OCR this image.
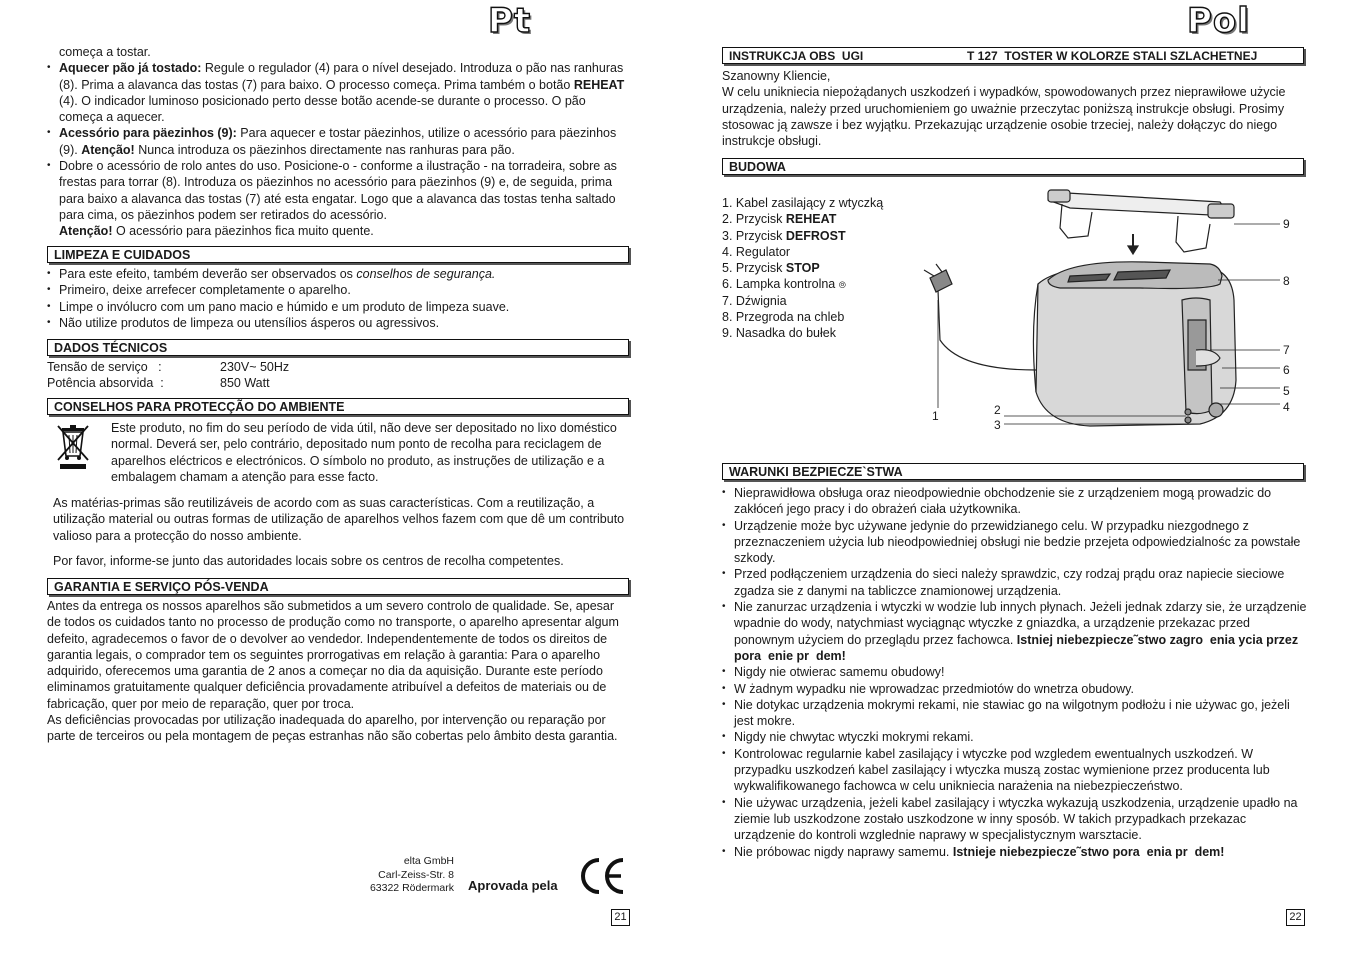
Pt
começa a tostar.
• Aquecer pão já tostado: Regule o regulador (4) para o nível desejado. Introduza o pão nas ranhuras (8). Prima a alavanca das tostas (7) para baixo. O processo começa. Prima também o botão REHEAT (4). O indicador luminoso posicionado perto desse botão acende-se durante o processo. O pão começa a aquecer.
• Acessório para päezinhos (9): Para aquecer e tostar päezinhos, utilize o acessório para päezinhos (9). Atenção! Nunca introduza os päezinhos directamente nas ranhuras para pão.
• Dobre o acessório de rolo antes do uso. Posicione-o - conforme a ilustração - na torradeira, sobre as frestas para torrar (8). Introduza os päezinhos no acessório para päezinhos (9) e, de seguida, prima para baixo a alavanca das tostas (7) até esta engatar. Logo que a alavanca das tostas tenha saltado para cima, os päezinhos podem ser retirados do acessório.
Atenção! O acessório para päezinhos fica muito quente.
LIMPEZA E CUIDADOS
• Para este efeito, também deverão ser observados os conselhos de segurança.
• Primeiro, deixe arrefecer completamente o aparelho.
• Limpe o invólucro com um pano macio e húmido e um produto de limpeza suave.
• Não utilize produtos de limpeza ou utensílios ásperos ou agressivos.
DADOS TÉCNICOS
Tensão de serviço   :	230V~ 50Hz
Potência absorvida  :	850 Watt
CONSELHOS PARA PROTECÇÃO DO AMBIENTE
Este produto, no fim do seu período de vida útil, não deve ser depositado no lixo doméstico normal. Deverá ser, pelo contrário, depositado num ponto de recolha para reciclagem de aparelhos eléctricos e electrónicos. O símbolo no produto, as instruções de utilização e a embalagem chamam a atenção para esse facto.
As matérias-primas são reutilizáveis de acordo com as suas características. Com a reutilização, a utilização material ou outras formas de utilização de aparelhos velhos fazem com que dê um contributo valioso para a protecção do nosso ambiente.
Por favor, informe-se junto das autoridades locais sobre os centros de recolha competentes.
GARANTIA E SERVIÇO PÓS-VENDA
Antes da entrega os nossos aparelhos são submetidos a um severo controlo de qualidade. Se, apesar de todos os cuidados tanto no processo de produção como no transporte, o aparelho apresentar algum defeito, agradecemos o favor de o devolver ao vendedor. Independentemente de todos os direitos de garantia legais, o comprador tem os seguintes prorrogativas em relação à garantia: Para o aparelho adquirido, oferecemos uma garantia de 2 anos a começar no dia da aquisição. Durante este período eliminamos gratuitamente qualquer deficiência provadamente atribuível a defeitos de materiais ou de fabricação, quer por meio de reparação, quer por troca.
As deficiências provocadas por utilização inadequada do aparelho, por intervenção ou reparação por parte de terceiros ou pela montagem de peças estranhas não são cobertas pelo âmbito desta garantia.
elta GmbH
Carl-Zeiss-Str. 8
63322 Rödermark Aprovada pela
21
Pol
INSTRUKCJA OBS  UGI	T 127  TOSTER W KOLORZE STALI SZLACHETNEJ
Szanowny Kliencie,
W celu unikniecia niepożądanych uszkodzeń i wypadków, spowodowanych przez nieprawiłowe użycie urządzenia, należy przed uruchomieniem go uważnie przeczytac poniższą instrukcje obsługi. Prosimy stosowac ją zawsze i bez wyjątku. Przekazując urządzenie osobie trzeciej, należy dołączyc do niego instrukcje obsługi.
BUDOWA
1. Kabel zasilający z wtyczką
2. Przycisk REHEAT
3. Przycisk DEFROST
4. Regulator
5. Przycisk STOP
6. Lampka kontrolna ⦾
7. Dźwignia
8. Przegroda na chleb
9. Nasadka do bułek
9
8
7
6
5
4
1	2
3
WARUNKI BEZPIECZE`STWA
• Nieprawidłowa obsługa oraz nieodpowiednie obchodzenie sie z urządzeniem mogą prowadzic do zakłóceń jego pracy i do obrażeń ciała użytkownika.
• Urządzenie może byc używane jedynie do przewidzianego celu. W przypadku niezgodnego z przeznaczeniem użycia lub nieodpowiedniej obsługi nie bedzie przejeta odpowiedzialnośc za powstałe szkody.
• Przed podłączeniem urządzenia do sieci należy sprawdzic, czy rodzaj prądu oraz napiecie sieciowe zgadza sie z danymi na tabliczce znamionowej urządzenia.
• Nie zanurzac urządzenia i wtyczki w wodzie lub innych płynach. Jeżeli jednak zdarzy sie, że urządzenie wpadnie do wody, natychmiast wyciągnąc wtyczke z gniazdka, a urządzenie przekazac przed ponownym użyciem do przeglądu przez fachowca. Istniej niebezpiecze˜stwo zagro  enia ycia przez pora  enie pr  dem!
• Nigdy nie otwierac samemu obudowy!
• W żadnym wypadku nie wprowadzac przedmiotów do wnetrza obudowy.
• Nie dotykac urządzenia mokrymi rekami, nie stawiac go na wilgotnym podłożu i nie używac go, jeżeli jest mokre.
• Nigdy nie chwytac wtyczki mokrymi rekami.
• Kontrolowac regularnie kabel zasilający i wtyczke pod wzgledem ewentualnych uszkodzeń. W przypadku uszkodzeń kabel zasilający i wtyczka muszą zostac wymienione przez producenta lub wykwalifikowanego fachowca w celu unikniecia narażenia na niebezpieczeństwo.
• Nie używac urządzenia, jeżeli kabel zasilający i wtyczka wykazują uszkodzenia, urządzenie upadło na ziemie lub uszkodzone zostało uszkodzone w inny sposób. W takich przypadkach przekazac urządzenie do kontroli wzglednie naprawy w specjalistycznym warsztacie.
• Nie próbowac nigdy naprawy samemu. Istnieje niebezpiecze˜stwo pora  enia pr  dem!
22
